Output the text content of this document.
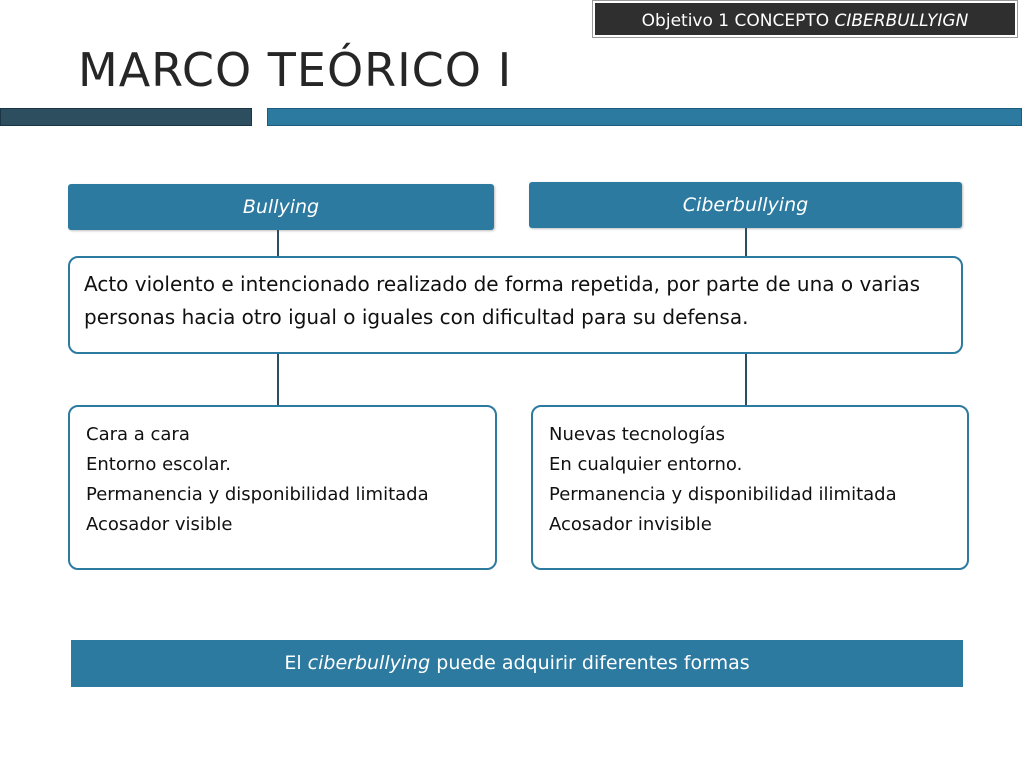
Objetivo 1 CONCEPTO CIBERBULLYIGN
MARCO TEÓRICO I
Bullying	Ciberbullying
Acto violento e intencionado realizado de forma repetida, por parte de una o varias personas hacia otro igual o iguales con dificultad para su defensa.
Cara a cara
Entorno escolar.
Permanencia y disponibilidad limitada
Acosador visible
Nuevas tecnologías
En cualquier entorno.
Permanencia y disponibilidad ilimitada
Acosador invisible
El ciberbullying puede adquirir diferentes formas
